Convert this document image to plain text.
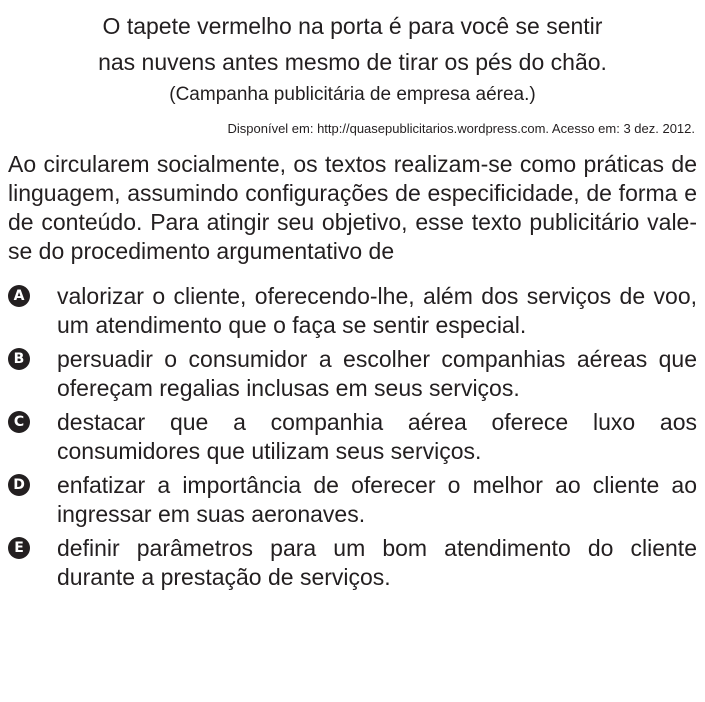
O tapete vermelho na porta é para você se sentir
nas nuvens antes mesmo de tirar os pés do chão.
(Campanha publicitária de empresa aérea.)
Disponível em: http://quasepublicitarios.wordpress.com. Acesso em: 3 dez. 2012.
Ao circularem socialmente, os textos realizam-se como práticas de linguagem, assumindo configurações de especificidade, de forma e de conteúdo. Para atingir seu objetivo, esse texto publicitário vale-se do procedimento argumentativo de
A valorizar o cliente, oferecendo-lhe, além dos serviços de voo, um atendimento que o faça se sentir especial.
B persuadir o consumidor a escolher companhias aéreas que ofereçam regalias inclusas em seus serviços.
C destacar que a companhia aérea oferece luxo aos consumidores que utilizam seus serviços.
D enfatizar a importância de oferecer o melhor ao cliente ao ingressar em suas aeronaves.
E definir parâmetros para um bom atendimento do cliente durante a prestação de serviços.
